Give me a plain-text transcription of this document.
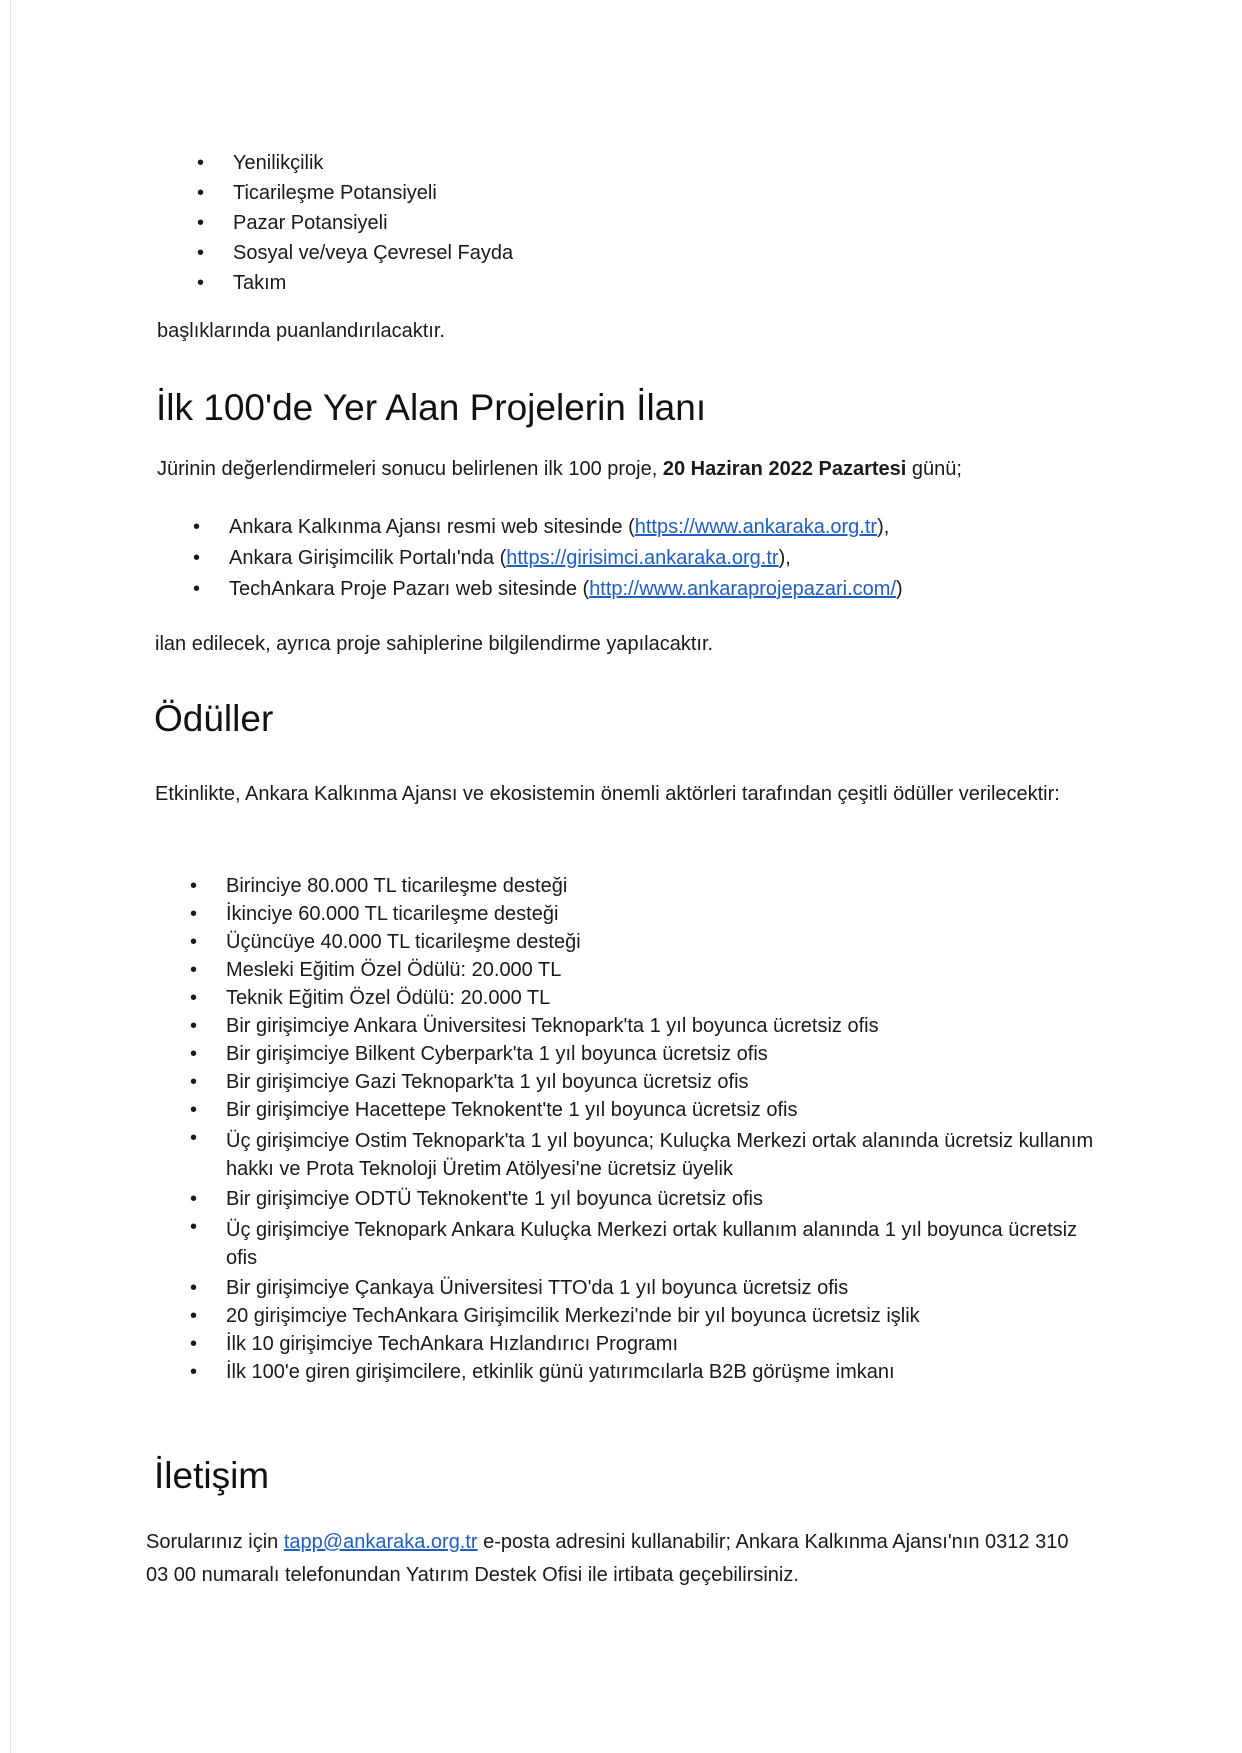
• Yenilikçilik
• Ticarileşme Potansiyeli
• Pazar Potansiyeli
• Sosyal ve/veya Çevresel Fayda
• Takım

başlıklarında puanlandırılacaktır.

İlk 100'de Yer Alan Projelerin İlanı

Jürinin değerlendirmeleri sonucu belirlenen ilk 100 proje, 20 Haziran 2022 Pazartesi günü;

• Ankara Kalkınma Ajansı resmi web sitesinde (https://www.ankaraka.org.tr),
• Ankara Girişimcilik Portalı'nda (https://girisimci.ankaraka.org.tr),
• TechAnkara Proje Pazarı web sitesinde (http://www.ankaraprojepazari.com/)

ilan edilecek, ayrıca proje sahiplerine bilgilendirme yapılacaktır.

Ödüller

Etkinlikte, Ankara Kalkınma Ajansı ve ekosistemin önemli aktörleri tarafından çeşitli ödüller verilecektir:

• Birinciye 80.000 TL ticarileşme desteği
• İkinciye 60.000 TL ticarileşme desteği
• Üçüncüye 40.000 TL ticarileşme desteği
• Mesleki Eğitim Özel Ödülü: 20.000 TL
• Teknik Eğitim Özel Ödülü: 20.000 TL
• Bir girişimciye Ankara Üniversitesi Teknopark'ta 1 yıl boyunca ücretsiz ofis
• Bir girişimciye Bilkent Cyberpark'ta 1 yıl boyunca ücretsiz ofis
• Bir girişimciye Gazi Teknopark'ta 1 yıl boyunca ücretsiz ofis
• Bir girişimciye Hacettepe Teknokent'te 1 yıl boyunca ücretsiz ofis
• Üç girişimciye Ostim Teknopark'ta 1 yıl boyunca; Kuluçka Merkezi ortak alanında ücretsiz kullanım hakkı ve Prota Teknoloji Üretim Atölyesi'ne ücretsiz üyelik
• Bir girişimciye ODTÜ Teknokent'te 1 yıl boyunca ücretsiz ofis
• Üç girişimciye Teknopark Ankara Kuluçka Merkezi ortak kullanım alanında 1 yıl boyunca ücretsiz ofis
• Bir girişimciye Çankaya Üniversitesi TTO'da 1 yıl boyunca ücretsiz ofis
• 20 girişimciye TechAnkara Girişimcilik Merkezi'nde bir yıl boyunca ücretsiz işlik
• İlk 10 girişimciye TechAnkara Hızlandırıcı Programı
• İlk 100'e giren girişimcilere, etkinlik günü yatırımcılarla B2B görüşme imkanı
İletişim

Sorularınız için tapp@ankaraka.org.tr e-posta adresini kullanabilir; Ankara Kalkınma Ajansı'nın 0312 310 03 00 numaralı telefonundan Yatırım Destek Ofisi ile irtibata geçebilirsiniz.
